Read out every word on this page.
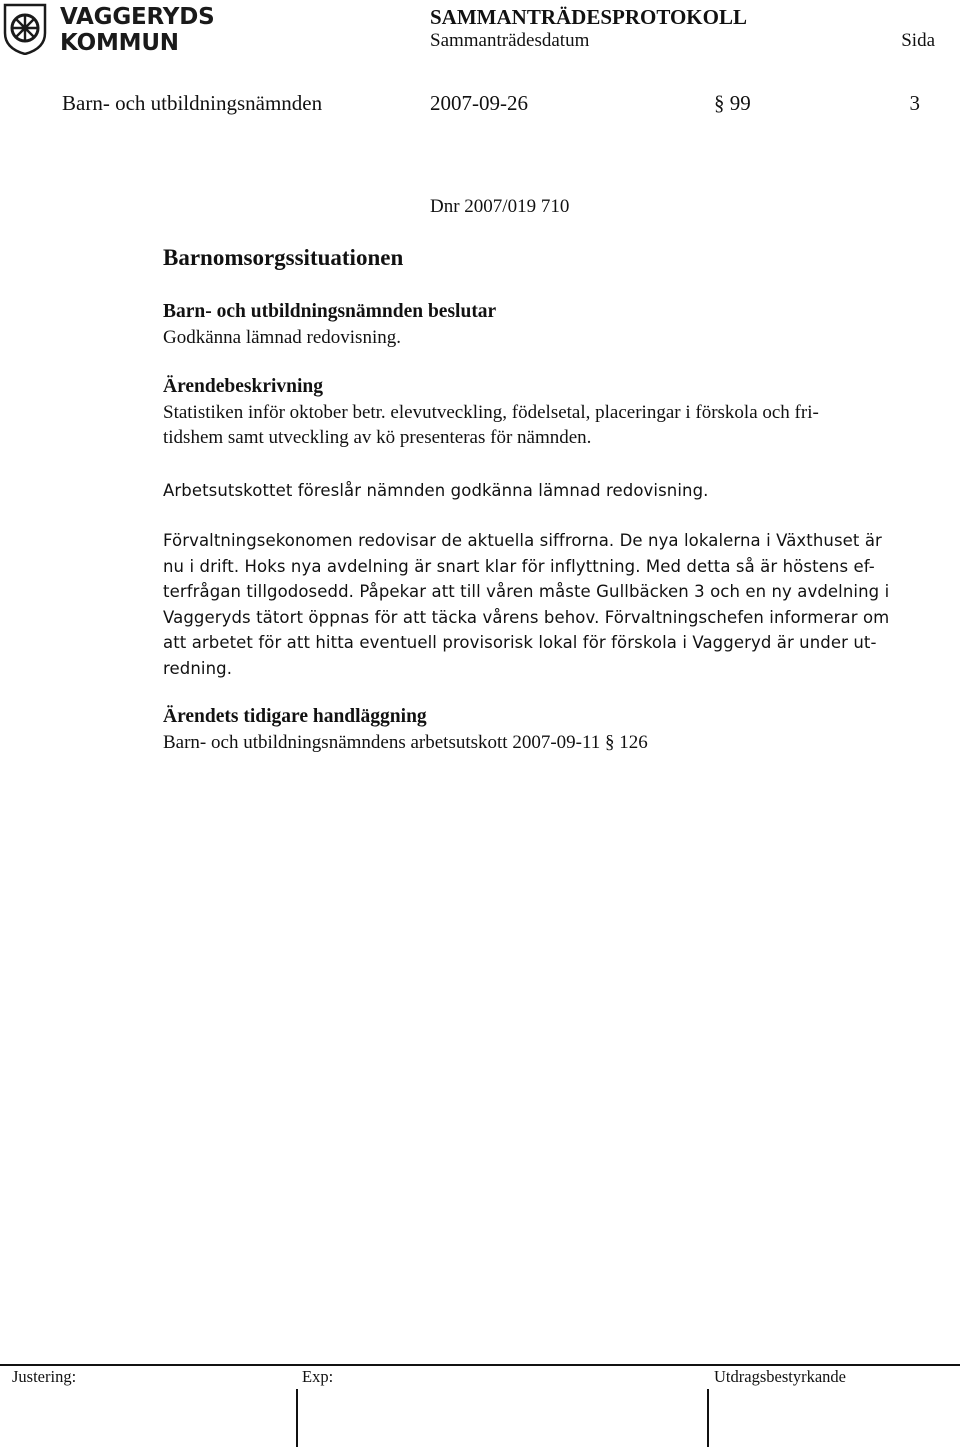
VAGGERYDS
KOMMUN
SAMMANTRÄDESPROTOKOLL
Sammanträdesdatum	Sida
Barn- och utbildningsnämnden	2007-09-26	§ 99	3
Dnr 2007/019 710

Barnomsorgssituationen

Barn- och utbildningsnämnden beslutar

Godkänna lämnad redovisning.

Ärendebeskrivning

Statistiken inför oktober betr. elevutveckling, födelsetal, placeringar i förskola och fri-

tidshem samt utveckling av kö presenteras för nämnden.

Arbetsutskottet föreslår nämnden godkänna lämnad redovisning.

Förvaltningsekonomen redovisar de aktuella siffrorna. De nya lokalerna i Växthuset är

nu i drift. Hoks nya avdelning är snart klar för inflyttning. Med detta så är höstens ef-

terfrågan tillgodosedd. Påpekar att till våren måste Gullbäcken 3 och en ny avdelning i

Vaggeryds tätort öppnas för att täcka vårens behov. Förvaltningschefen informerar om

att arbetet för att hitta eventuell provisorisk lokal för förskola i Vaggeryd är under ut-

redning.

Ärendets tidigare handläggning

Barn- och utbildningsnämndens arbetsutskott 2007-09-11 § 126

Justering:	Exp:	Utdragsbestyrkande
